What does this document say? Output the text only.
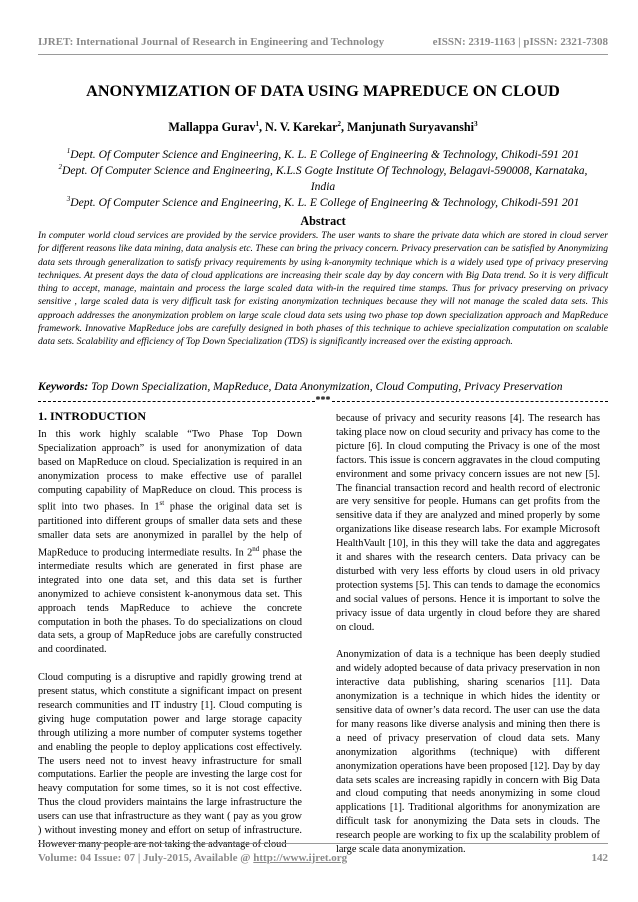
IJRET: International Journal of Research in Engineering and Technology	eISSN: 2319-1163 | pISSN: 2321-7308
ANONYMIZATION OF DATA USING MAPREDUCE ON CLOUD
Mallappa Gurav$^1$, N. V. Karekar$^2$, Manjunath Suryavanshi$^3$
$^1$Dept. Of Computer Science and Engineering, K. L. E College of Engineering & Technology, Chikodi-591 201
$^2$Dept. Of Computer Science and Engineering, K.L.S Gogte Institute Of Technology, Belagavi-590008, Karnataka, India
$^3$Dept. Of Computer Science and Engineering, K. L. E College of Engineering & Technology, Chikodi-591 201
Abstract
In computer world cloud services are provided by the service providers. The user wants to share the private data which are stored in cloud server for different reasons like data mining, data analysis etc. These can bring the privacy concern. Privacy preservation can be satisfied by Anonymizing data sets through generalization to satisfy privacy requirements by using k-anonymity technique which is a widely used type of privacy preserving techniques. At present days the data of cloud applications are increasing their scale day by day concern with Big Data trend. So it is very difficult thing to accept, manage, maintain and process the large scaled data with-in the required time stamps. Thus for privacy preserving on privacy sensitive , large scaled data is very difficult task for existing anonymization techniques because they will not manage the scaled data sets. This approach addresses the anonymization problem on large scale cloud data sets using two phase top down specialization approach and MapReduce framework. Innovative MapReduce jobs are carefully designed in both phases of this technique to achieve specialization computation on scalable data sets. Scalability and efficiency of Top Down Specialization (TDS) is significantly increased over the existing approach.
Keywords: Top Down Specialization, MapReduce, Data Anonymization, Cloud Computing, Privacy Preservation
***
1. INTRODUCTION

In this work highly scalable “Two Phase Top Down Specialization approach” is used for anonymization of data based on MapReduce on cloud. Specialization is required in an anonymization process to make effective use of parallel computing capability of MapReduce on cloud. This process is split into two phases. In 1st phase the original data set is partitioned into different groups of smaller data sets and these smaller data sets are anonymized in parallel by the help of MapReduce to producing intermediate results. In 2nd phase the intermediate results which are generated in first phase are integrated into one data set, and this data set is further anonymized to achieve consistent k-anonymous data set. This approach tends MapReduce to achieve the concrete computation in both the phases. To do specializations on cloud data sets, a group of MapReduce jobs are carefully constructed and coordinated.

Cloud computing is a disruptive and rapidly growing trend at present status, which constitute a significant impact on present research communities and IT industry [1]. Cloud computing is giving huge computation power and large storage capacity through utilizing a more number of computer systems together and enabling the people to deploy applications cost effectively. The users need not to invest heavy infrastructure for small computations. Earlier the people are investing the large cost for heavy computation for some times, so it is not cost effective. Thus the cloud providers maintains the large infrastructure the users can use that infrastructure as they want ( pay as you grow ) without investing money and effort on setup of infrastructure. However many people are not taking the advantage of cloud

because of privacy and security reasons [4]. The research has taking place now on cloud security and privacy has come to the picture [6]. In cloud computing the Privacy is one of the most factors. This issue is concern aggravates in the cloud computing environment and some privacy concern issues are not new [5]. The financial transaction record and health record of electronic are very sensitive for people. Humans can get profits from the sensitive data if they are analyzed and mined properly by some organizations like disease research labs. For example Microsoft HealthVault [10], in this they will take the data and aggregates it and shares with the research centers. Data privacy can be disturbed with very less efforts by cloud users in old privacy protection systems [5]. This can tends to damage the economics and social values of persons. Hence it is important to solve the privacy issue of data urgently in cloud before they are shared on cloud.

Anonymization of data is a technique has been deeply studied and widely adopted because of data privacy preservation in non interactive data publishing, sharing scenarios [11]. Data anonymization is a technique in which hides the identity or sensitive data of owner’s data record. The user can use the data for many reasons like diverse analysis and mining then there is a need of privacy preservation of cloud data sets. Many anonymization algorithms (technique) with different anonymization operations have been proposed [12]. Day by day data sets scales are increasing rapidly in concern with Big Data and cloud computing that needs anonymizing in some cloud applications [1]. Traditional algorithms for anonymization are difficult task for anonymizing the Data sets in clouds. The research people are working to fix up the scalability problem of large scale data anonymization.

Volume: 04 Issue: 07 | July-2015, Available @ http://www.ijret.org	142
